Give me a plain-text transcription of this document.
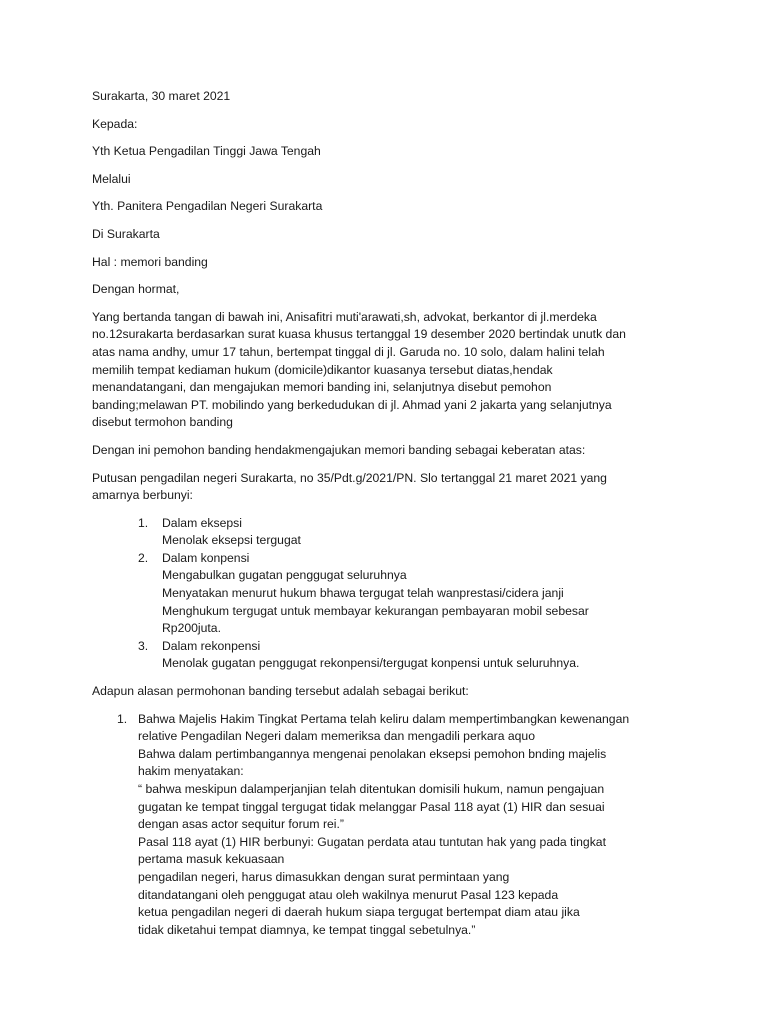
Surakarta, 30 maret 2021

Kepada:

Yth Ketua Pengadilan Tinggi Jawa Tengah

Melalui

Yth. Panitera Pengadilan Negeri Surakarta

Di Surakarta

Hal : memori banding

Dengan hormat,

Yang bertanda tangan di bawah ini, Anisafitri muti'arawati,sh, advokat, berkantor di jl.merdeka
no.12surakarta berdasarkan surat kuasa khusus tertanggal 19 desember 2020 bertindak unutk dan
atas nama andhy, umur 17 tahun, bertempat tinggal di jl. Garuda no. 10 solo, dalam halini telah
memilih tempat kediaman hukum (domicile)dikantor kuasanya tersebut diatas,hendak
menandatangani, dan mengajukan memori banding ini, selanjutnya disebut pemohon
banding;melawan PT. mobilindo yang berkedudukan di jl. Ahmad yani 2 jakarta yang selanjutnya
disebut termohon banding

Dengan ini pemohon banding hendakmengajukan memori banding sebagai keberatan atas:

Putusan pengadilan negeri Surakarta, no 35/Pdt.g/2021/PN. Slo tertanggal 21 maret 2021 yang
amarnya berbunyi:

1. Dalam eksepsi
Menolak eksepsi tergugat
2. Dalam konpensi
Mengabulkan gugatan penggugat seluruhnya
Menyatakan menurut hukum bhawa tergugat telah wanprestasi/cidera janji
Menghukum tergugat untuk membayar kekurangan pembayaran mobil sebesar
Rp200juta.
3. Dalam rekonpensi
Menolak gugatan penggugat rekonpensi/tergugat konpensi untuk seluruhnya.

Adapun alasan permohonan banding tersebut adalah sebagai berikut:

1. Bahwa Majelis Hakim Tingkat Pertama telah keliru dalam mempertimbangkan kewenangan
relative Pengadilan Negeri dalam memeriksa dan mengadili perkara aquo
Bahwa dalam pertimbangannya mengenai penolakan eksepsi pemohon bnding majelis
hakim menyatakan:
“ bahwa meskipun dalamperjanjian telah ditentukan domisili hukum, namun pengajuan
gugatan ke tempat tinggal tergugat tidak melanggar Pasal 118 ayat (1) HIR dan sesuai
dengan asas actor sequitur forum rei.”
Pasal 118 ayat (1) HIR berbunyi: Gugatan perdata atau tuntutan hak yang pada tingkat
pertama masuk kekuasaan
pengadilan negeri, harus dimasukkan dengan surat permintaan yang
ditandatangani oleh penggugat atau oleh wakilnya menurut Pasal 123 kepada
ketua pengadilan negeri di daerah hukum siapa tergugat bertempat diam atau jika
tidak diketahui tempat diamnya, ke tempat tinggal sebetulnya.”
